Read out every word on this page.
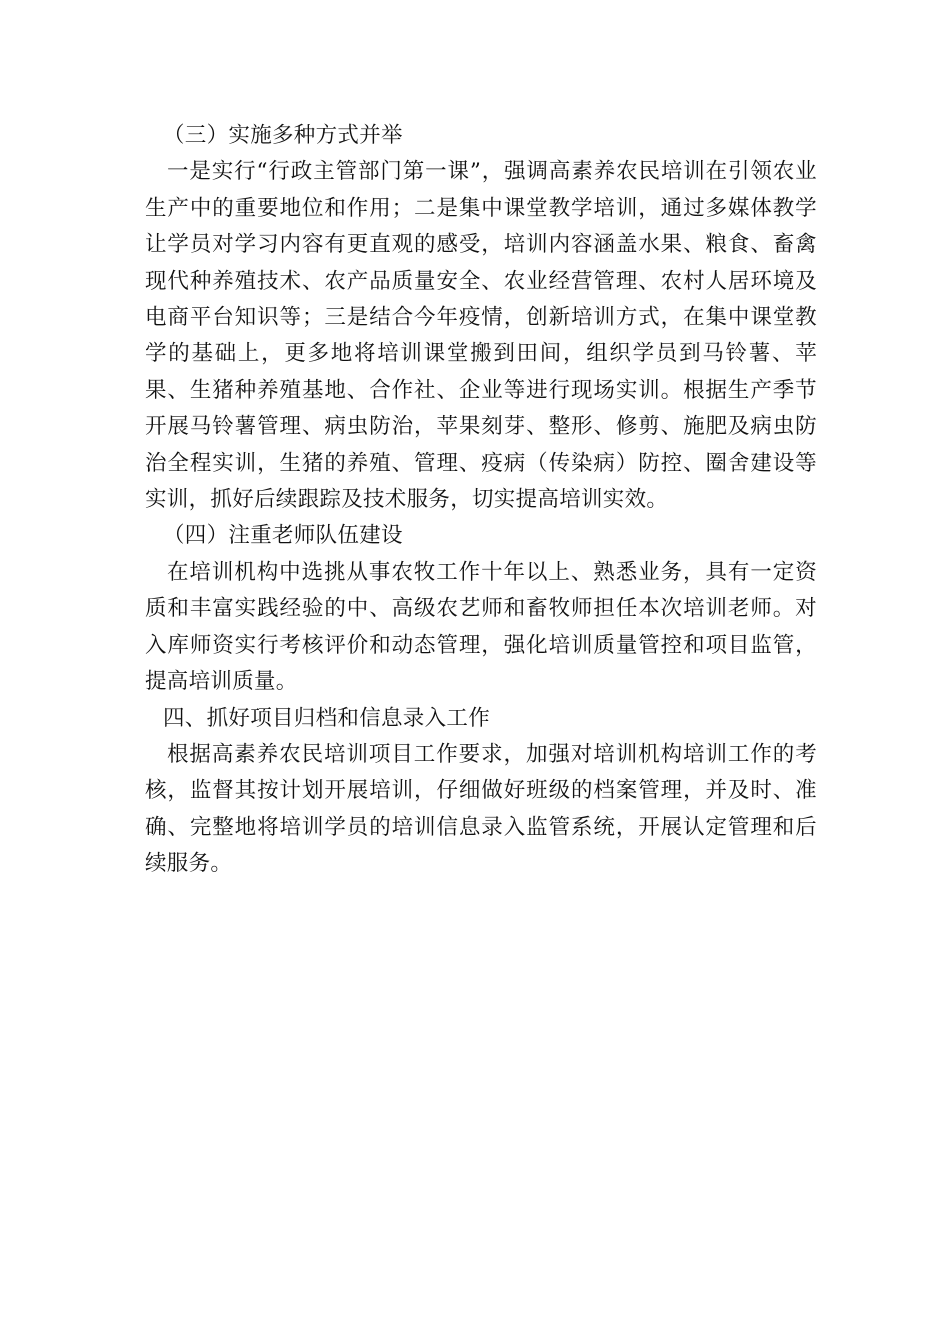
（三）实施多种方式并举

一是实行“行政主管部门第一课”，强调高素养农民培训在引领农业生产中的重要地位和作用；二是集中课堂教学培训，通过多媒体教学让学员对学习内容有更直观的感受，培训内容涵盖水果、粮食、畜禽现代种养殖技术、农产品质量安全、农业经营管理、农村人居环境及电商平台知识等；三是结合今年疫情，创新培训方式，在集中课堂教学的基础上，更多地将培训课堂搬到田间，组织学员到马铃薯、苹果、生猪种养殖基地、合作社、企业等进行现场实训。根据生产季节开展马铃薯管理、病虫防治，苹果刻芽、整形、修剪、施肥及病虫防治全程实训，生猪的养殖、管理、疫病（传染病）防控、圈舍建设等实训，抓好后续跟踪及技术服务，切实提高培训实效。

（四）注重老师队伍建设

在培训机构中选挑从事农牧工作十年以上、熟悉业务，具有一定资质和丰富实践经验的中、高级农艺师和畜牧师担任本次培训老师。对入库师资实行考核评价和动态管理，强化培训质量管控和项目监管，提高培训质量。

四、抓好项目归档和信息录入工作

根据高素养农民培训项目工作要求，加强对培训机构培训工作的考核，监督其按计划开展培训，仔细做好班级的档案管理，并及时、准确、完整地将培训学员的培训信息录入监管系统，开展认定管理和后续服务。
